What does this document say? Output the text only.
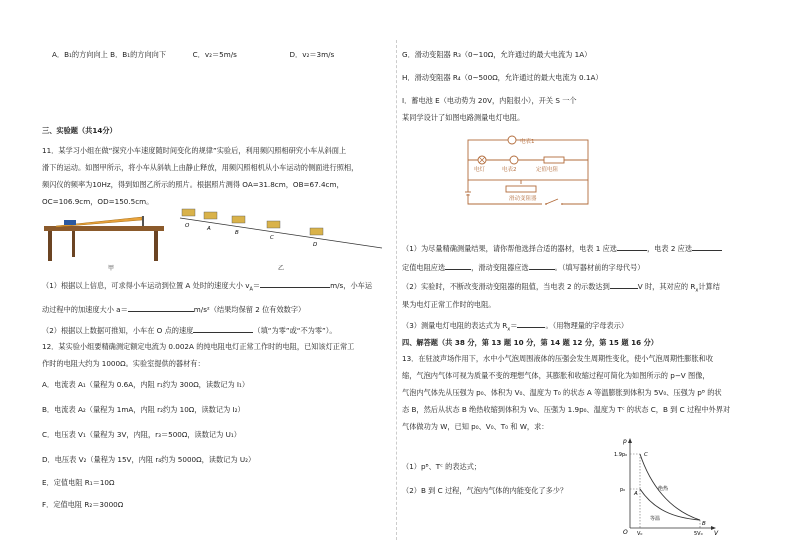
A．B₁的方向向上 B．B₁的方向向下	C．v₂＝5m/s	D．v₂＝3m/s
三、实验题（共14分）
11．某学习小组在做“探究小车速度随时间变化的规律”实验后，利用频闪照相研究小车从斜面上
滑下的运动。如图甲所示，将小车从斜轨上由静止释放，用频闪照相机从小车运动的侧面进行照相，
频闪仪的频率为10Hz，得到如图乙所示的照片。根据照片测得 OA=31.8cm，OB=67.4cm，
OC=106.9cm，OD=150.5cm。
甲
O	A
B
C
D
乙
（1）根据以上信息，可求得小车运动到位置 A 处时的速度大小 $v_A=$	m/s，小车运
动过程中的加速度大小 a＝	m/s²（结果均保留 2 位有效数字）
（2）根据以上数据可推知，小车在 O 点的速度	（填“为零”或“不为零”）。
12．某实验小组要精确测定额定电流为 0.002A 的纯电阻电灯正常工作时的电阻，已知该灯正常工
作时的电阻大约为 1000Ω。实验室提供的器材有：
A．电流表 A₁（量程为 0.6A，内阻 r₁约为 300Ω，读数记为 I₁）
B．电流表 A₂（量程为 1mA，内阻 r₂约为 10Ω，读数记为 I₂）
C．电压表 V₁（量程为 3V，内阻，r₃＝500Ω，读数记为 U₁）
D．电压表 V₂（量程为 15V，内阻 r₄约为 5000Ω，读数记为 U₂）
E．定值电阻 R₁＝10Ω
F．定值电阻 R₂＝3000Ω
G．滑动变阻器 R₃（0~10Ω，允许通过的最大电流为 1A）
H．滑动变阻器 R₄（0~500Ω，允许通过的最大电流为 0.1A）
I．蓄电池 E（电动势为 20V，内阻很小），开关 S 一个
某同学设计了如图电路测量电灯电阻。
电表1
电灯	电表2	定值电阻
滑动变阻器
（1）为尽量精确测量结果，请你帮他选择合适的器材，电表 1 应选	，电表 2 应选
定值电阻应选	，滑动变阻器应选	。（填写器材前的字母代号）
（2）实验时，不断改变滑动变阻器的阻值，当电表 2 的示数达到	V 时，其对应的 $R_x$计算结
果为电灯正常工作时的电阻。
（3）测量电灯电阻的表达式为 $R_x=$	。（用物理量的字母表示）
四、解答题（共 38 分，第 13 题 10 分，第 14 题 12 分，第 15 题 16 分）
13．在驻波声场作用下，水中小气泡周围液体的压强会发生周期性变化，使小气泡周期性膨胀和收
缩，气泡内气体可视为质量不变的理想气体，其膨胀和收缩过程可简化为如图所示的 p−V 图像，
气泡内气体先从压强为 p₀、体积为 V₀、温度为 T₀ 的状态 A 等温膨胀到体积为 5V₀、压强为 pᴮ 的状
态 B，然后从状态 B 绝热收缩到体积为 V₀、压强为 1.9p₀、温度为 Tᶜ 的状态 C，B 到 C 过程中外界对
气体做功为 W，已知 p₀、V₀、T₀ 和 W，求：
（1）pᴮ、Tᶜ 的表达式；
（2）B 到 C 过程，气泡内气体的内能变化了多少？
p
V
O
1.9p₀
p₀
V₀	5V₀
C
A
B
绝热
等温
